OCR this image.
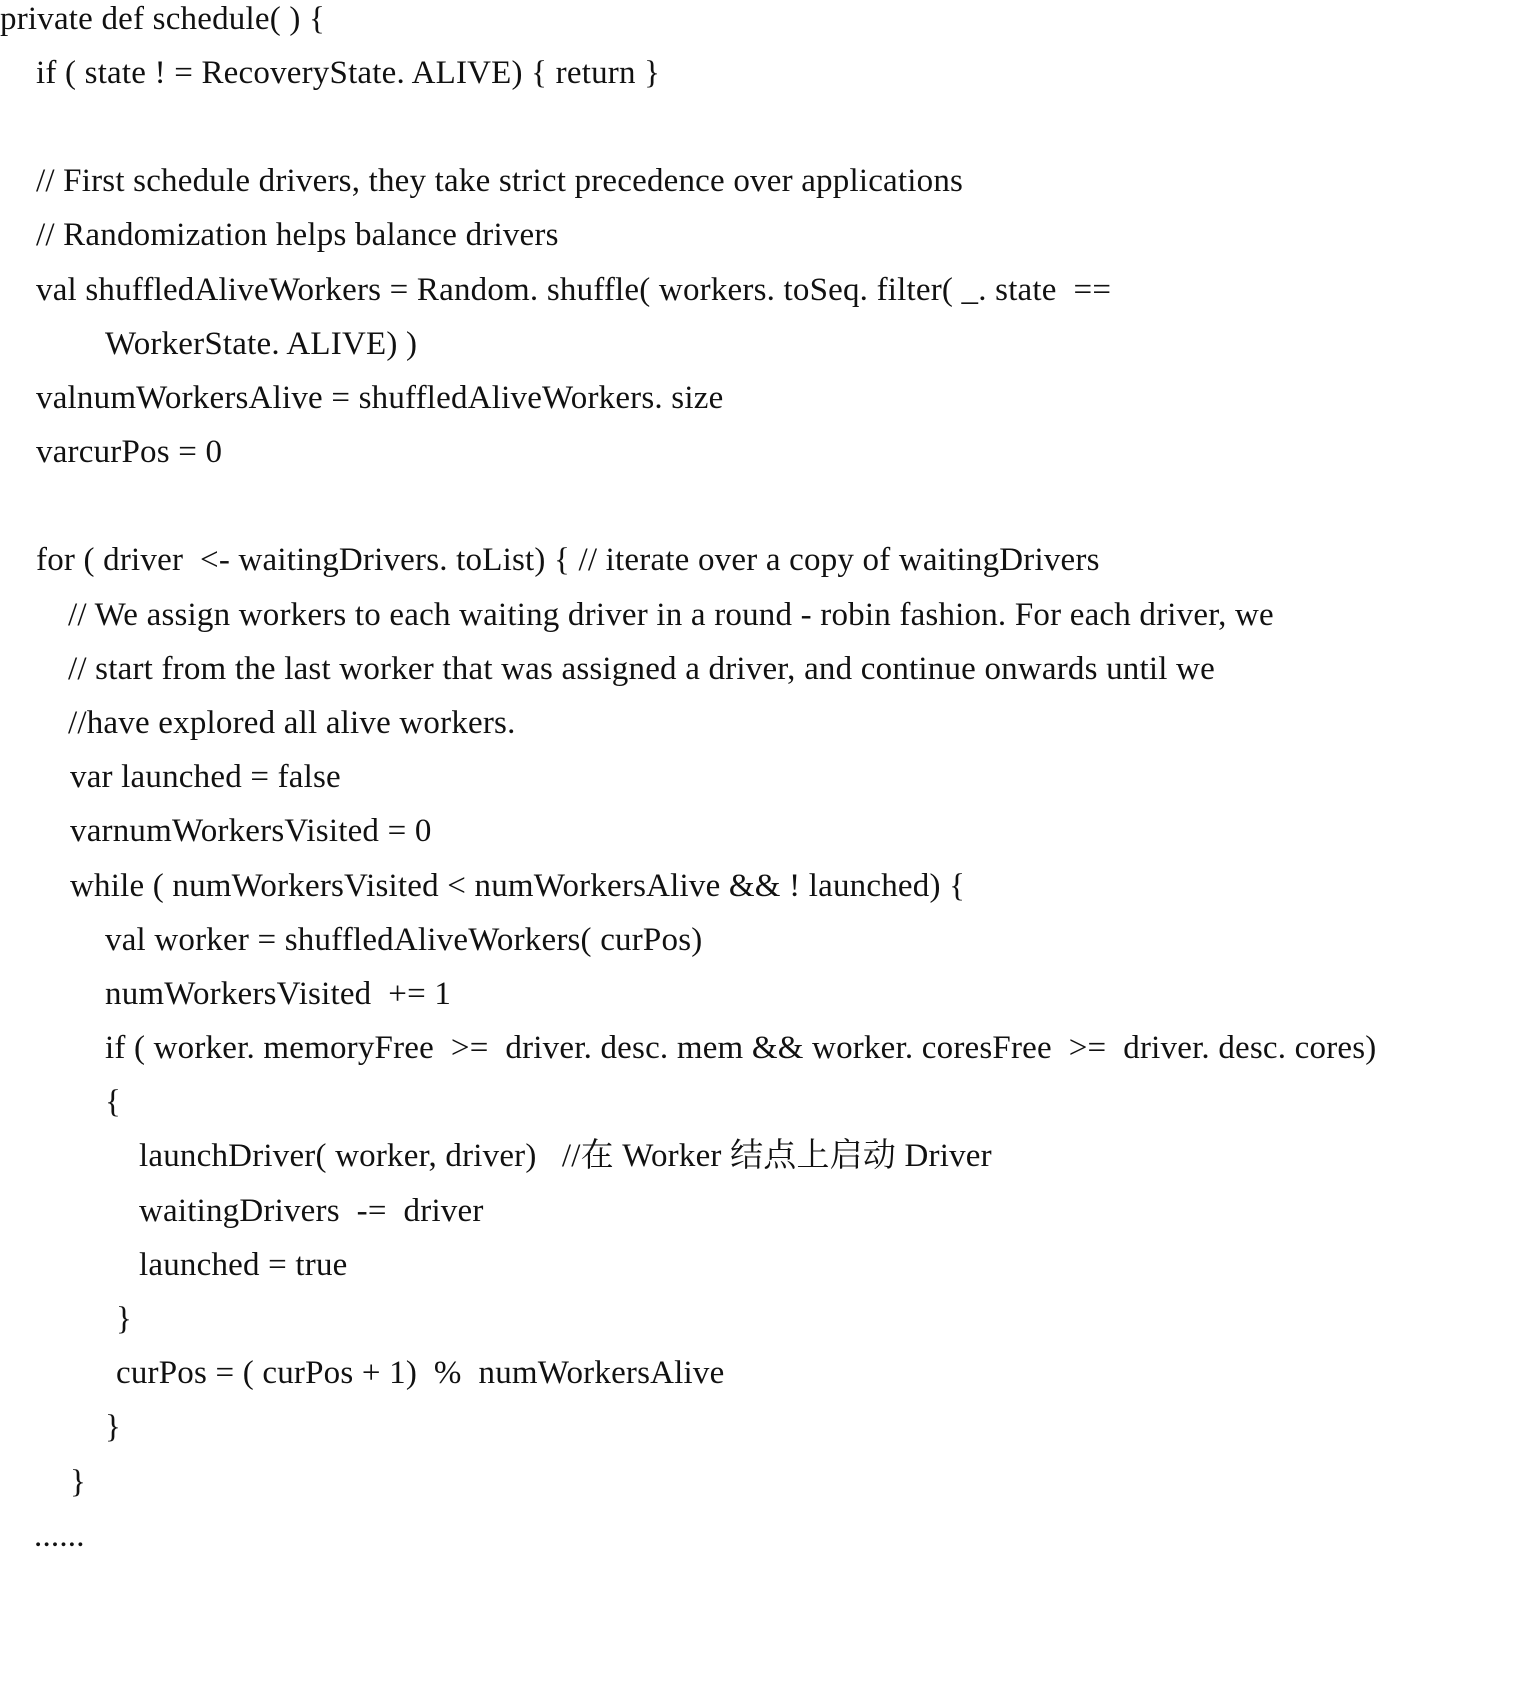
private def schedule( ) {
if ( state ! = RecoveryState. ALIVE) { return }
// First schedule drivers, they take strict precedence over applications
// Randomization helps balance drivers
val shuffledAliveWorkers = Random. shuffle( workers. toSeq. filter( _. state  ==
WorkerState. ALIVE) )
valnumWorkersAlive = shuffledAliveWorkers. size
varcurPos = 0
for ( driver  <- waitingDrivers. toList) { // iterate over a copy of waitingDrivers
// We assign workers to each waiting driver in a round - robin fashion. For each driver, we
// start from the last worker that was assigned a driver, and continue onwards until we
//have explored all alive workers.
var launched = false
varnumWorkersVisited = 0
while ( numWorkersVisited < numWorkersAlive && ! launched) {
val worker = shuffledAliveWorkers( curPos)
numWorkersVisited  += 1
if ( worker. memoryFree  >=  driver. desc. mem && worker. coresFree  >=  driver. desc. cores)
{
launchDriver( worker, driver)   //在 Worker 结点上启动 Driver
waitingDrivers  -=  driver
launched = true
}
curPos = ( curPos + 1)  %  numWorkersAlive
}
}
......
